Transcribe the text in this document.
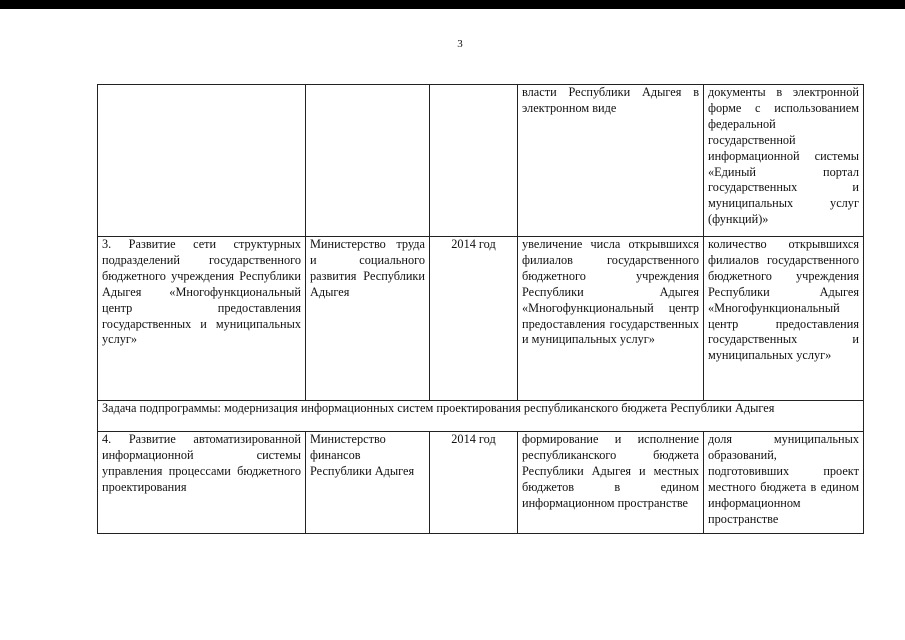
3
			власти Республики Адыгея в электронном виде	документы в электронной форме с использованием федеральной государственной информационной системы «Единый портал государственных и муниципальных услуг (функций)»
3. Развитие сети структурных подразделений государственного бюджетного учреждения Республики Адыгея «Многофункциональный центр предоставления государственных и муниципальных услуг»	Министерство труда и социального развития Республики Адыгея	2014 год	увеличение числа открывшихся филиалов государственного бюджетного учреждения Республики Адыгея «Многофункциональный центр предоставления государственных и муниципальных услуг»	количество открывшихся филиалов государственного бюджетного учреждения Республики Адыгея «Многофункциональный центр предоставления государственных и муниципальных услуг»
Задача подпрограммы: модернизация информационных систем проектирования республиканского бюджета Республики Адыгея				
4. Развитие автоматизированной информационной системы управления процессами бюджетного проектирования	Министерство финансов Республики Адыгея	2014 год	формирование и исполнение республиканского бюджета Республики Адыгея и местных бюджетов в едином информационном пространстве	доля муниципальных образований, подготовивших проект местного бюджета в едином информационном пространстве
